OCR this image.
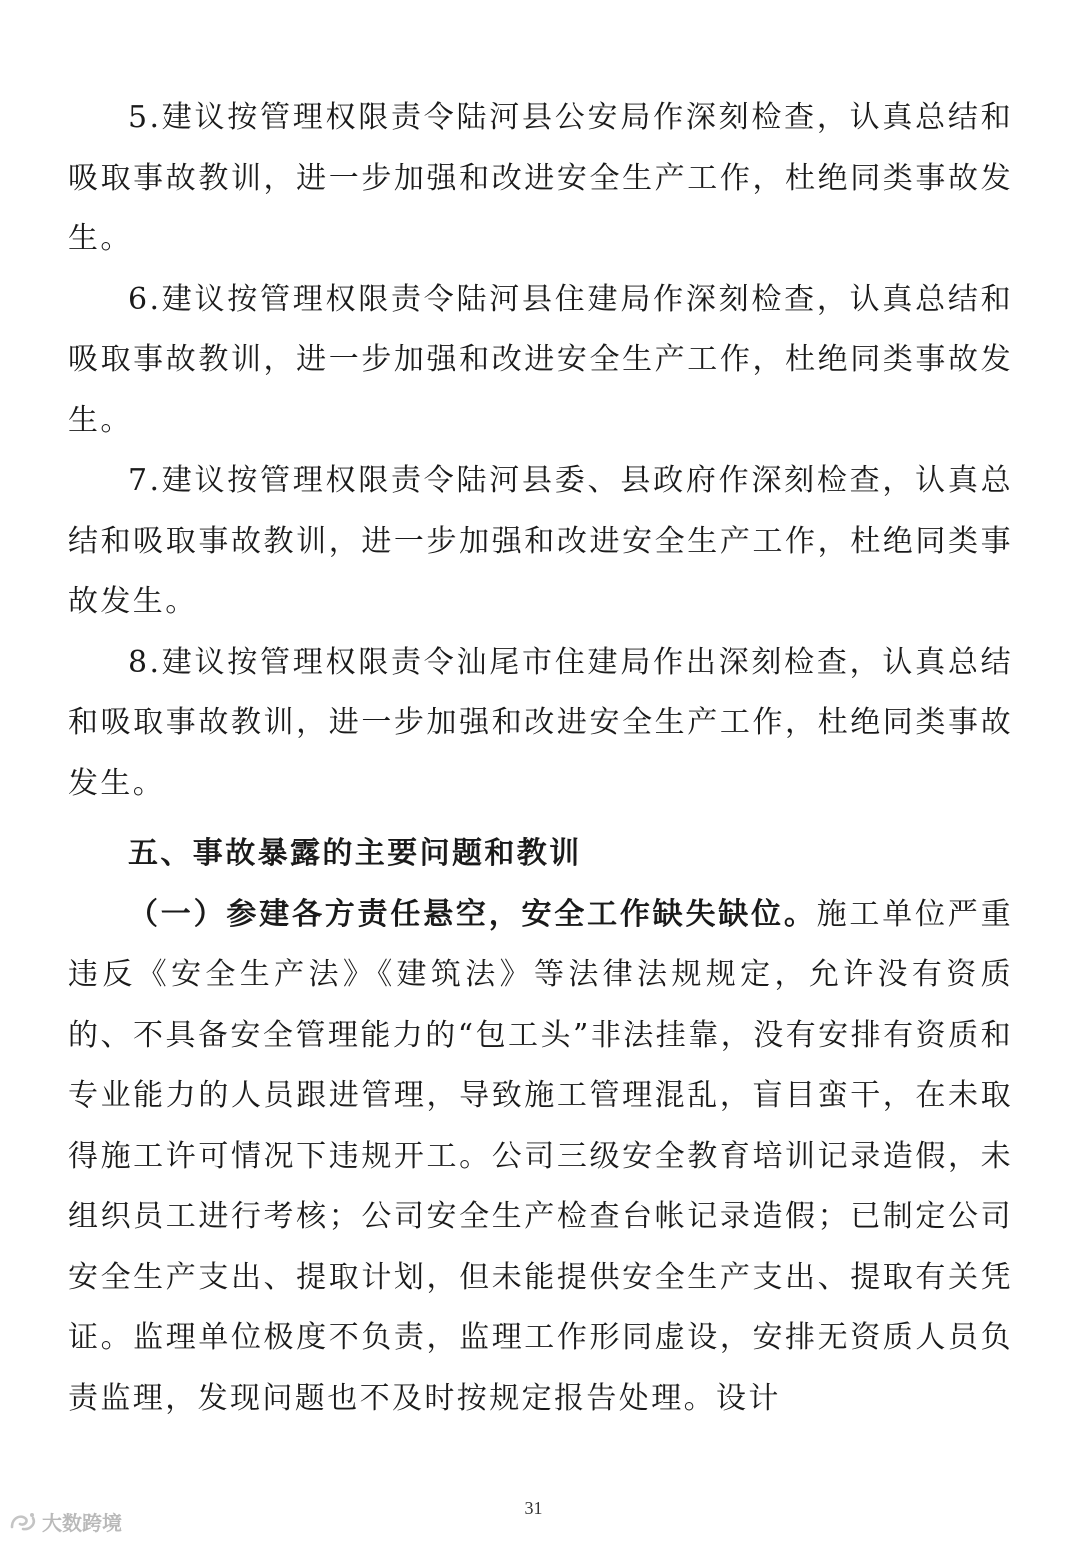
5.建议按管理权限责令陆河县公安局作深刻检查，认真总结和吸取事故教训，进一步加强和改进安全生产工作，杜绝同类事故发生。

6.建议按管理权限责令陆河县住建局作深刻检查，认真总结和吸取事故教训，进一步加强和改进安全生产工作，杜绝同类事故发生。

7.建议按管理权限责令陆河县委、县政府作深刻检查，认真总结和吸取事故教训，进一步加强和改进安全生产工作，杜绝同类事故发生。

8.建议按管理权限责令汕尾市住建局作出深刻检查，认真总结和吸取事故教训，进一步加强和改进安全生产工作，杜绝同类事故发生。

五、事故暴露的主要问题和教训

（一）参建各方责任悬空，安全工作缺失缺位。施工单位严重违反《安全生产法》《建筑法》等法律法规规定，允许没有资质的、不具备安全管理能力的“包工头”非法挂靠，没有安排有资质和专业能力的人员跟进管理，导致施工管理混乱，盲目蛮干，在未取得施工许可情况下违规开工。公司三级安全教育培训记录造假，未组织员工进行考核；公司安全生产检查台帐记录造假；已制定公司安全生产支出、提取计划，但未能提供安全生产支出、提取有关凭证。监理单位极度不负责，监理工作形同虚设，安排无资质人员负责监理，发现问题也不及时按规定报告处理。设计

大数跨境
31
